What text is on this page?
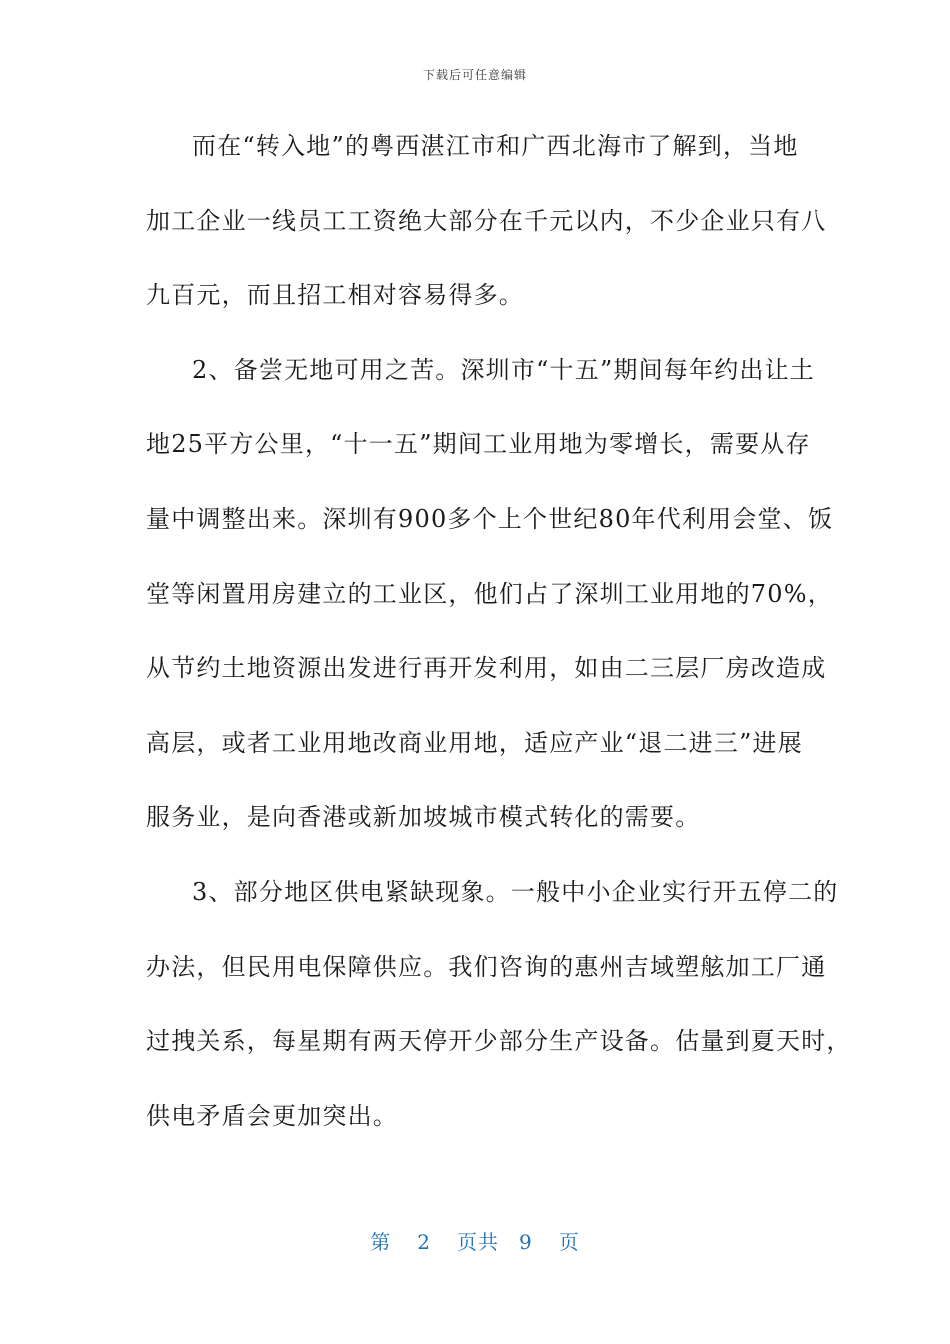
下载后可任意编辑
而在“转入地”的粤西湛江市和广西北海市了解到，当地
加工企业一线员工工资绝大部分在千元以内，不少企业只有八
九百元，而且招工相对容易得多。
2、备尝无地可用之苦。深圳市“十五”期间每年约出让土
地25平方公里，“十一五”期间工业用地为零增长，需要从存
量中调整出来。深圳有900多个上个世纪80年代利用会堂、饭
堂等闲置用房建立的工业区，他们占了深圳工业用地的70%，
从节约土地资源出发进行再开发利用，如由二三层厂房改造成
高层，或者工业用地改商业用地，适应产业“退二进三”进展
服务业，是向香港或新加坡城市模式转化的需要。
3、部分地区供电紧缺现象。一般中小企业实行开五停二的
办法，但民用电保障供应。我们咨询的惠州吉域塑舷加工厂通
过拽关系，每星期有两天停开少部分生产设备。估量到夏天时，
供电矛盾会更加突出。
第 2 页共 9 页
